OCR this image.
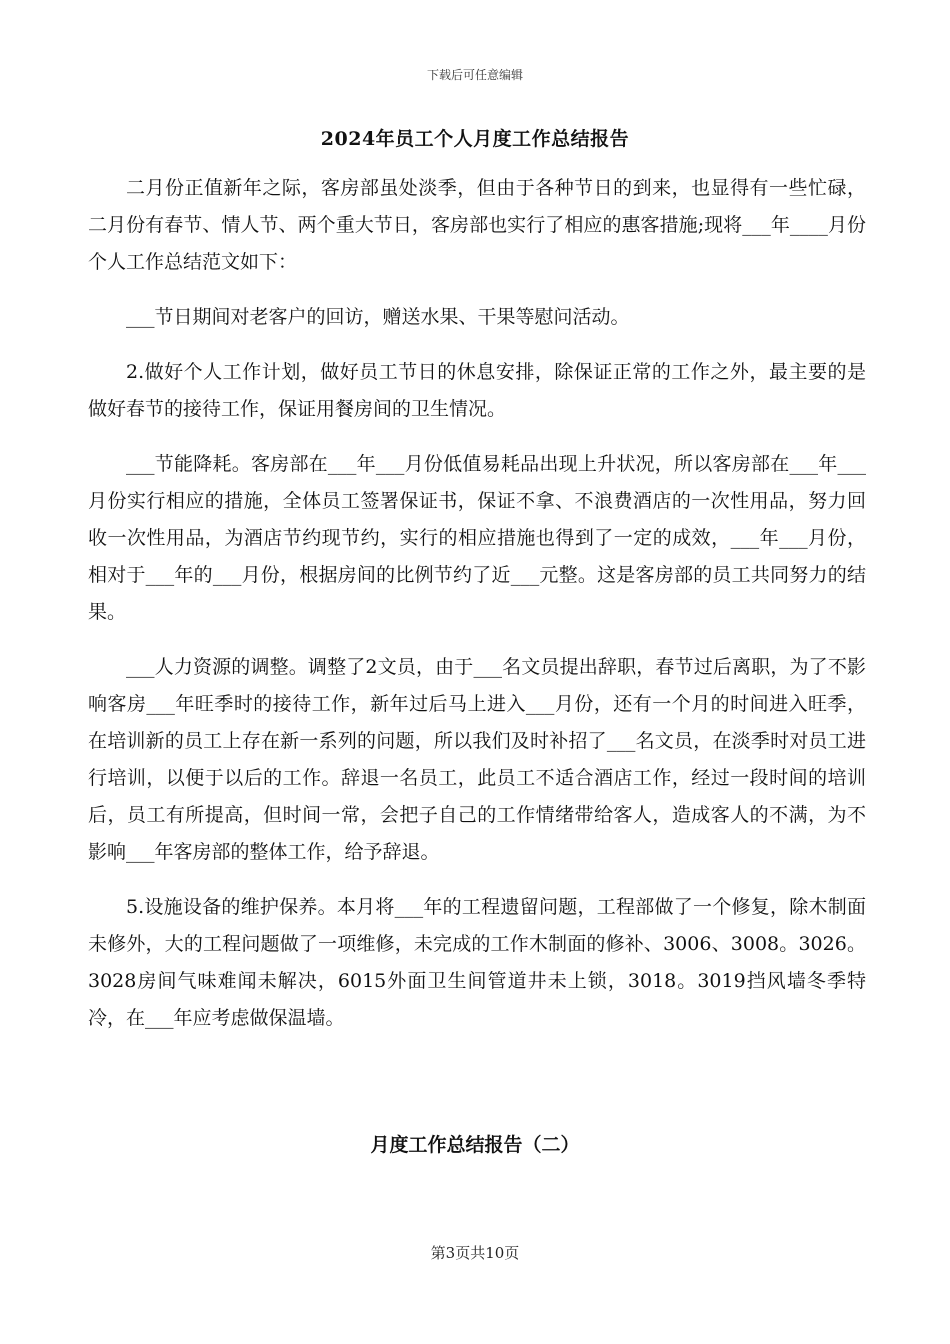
下载后可任意编辑
2024年员工个人月度工作总结报告

二月份正值新年之际，客房部虽处淡季，但由于各种节日的到来，也显得有一些忙碌，二月份有春节、情人节、两个重大节日，客房部也实行了相应的惠客措施;现将___年____月份个人工作总结范文如下：

___节日期间对老客户的回访，赠送水果、干果等慰问活动。

2.做好个人工作计划，做好员工节日的休息安排，除保证正常的工作之外，最主要的是做好春节的接待工作，保证用餐房间的卫生情况。

___节能降耗。客房部在___年___月份低值易耗品出现上升状况，所以客房部在___年___月份实行相应的措施，全体员工签署保证书，保证不拿、不浪费酒店的一次性用品，努力回收一次性用品，为酒店节约现节约，实行的相应措施也得到了一定的成效，___年___月份，相对于___年的___月份，根据房间的比例节约了近___元整。这是客房部的员工共同努力的结果。

___人力资源的调整。调整了2文员，由于___名文员提出辞职，春节过后离职，为了不影响客房___年旺季时的接待工作，新年过后马上进入___月份，还有一个月的时间进入旺季，在培训新的员工上存在新一系列的问题，所以我们及时补招了___名文员，在淡季时对员工进行培训，以便于以后的工作。辞退一名员工，此员工不适合酒店工作，经过一段时间的培训后，员工有所提高，但时间一常，会把子自己的工作情绪带给客人，造成客人的不满，为不影响___年客房部的整体工作，给予辞退。

5.设施设备的维护保养。本月将___年的工程遗留问题，工程部做了一个修复，除木制面未修外，大的工程问题做了一项维修，未完成的工作木制面的修补、3006、3008。3026。3028房间气味难闻未解决，6015外面卫生间管道井未上锁，3018。3019挡风墙冬季特冷，在___年应考虑做保温墙。

月度工作总结报告（二）
第3页共10页
